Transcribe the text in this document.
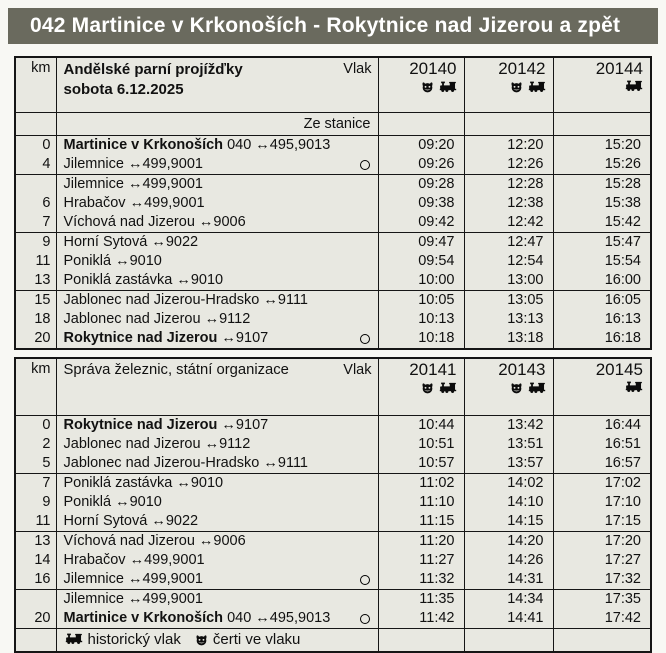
042 Martinice v Krkonoších - Rokytnice nad Jizerou a zpět
km	Andělské parní projížďky
sobota 6.12.2025
Vlak	20140	20142	20144

	Ze stanice			
0	Martinice v Krkonoších 040 ↔495,9013	09:20	12:20	15:20
4	Jilemnice ↔499,9001	09:26	12:26	15:26
	Jilemnice ↔499,9001	09:28	12:28	15:28
6	Hrabačov ↔499,9001	09:38	12:38	15:38
7	Víchová nad Jizerou ↔9006	09:42	12:42	15:42
9	Horní Sytová ↔9022	09:47	12:47	15:47
11	Poniklá ↔9010	09:54	12:54	15:54
13	Poniklá zastávka ↔9010	10:00	13:00	16:00
15	Jablonec nad Jizerou-Hradsko ↔9111	10:05	13:05	16:05
18	Jablonec nad Jizerou ↔9112	10:13	13:13	16:13
20	Rokytnice nad Jizerou ↔9107	10:18	13:18	16:18
km	Správa železnic, státní organizace Vlak	20141	20143	20145

	historický vlak čerti ve vlaku			
0	Rokytnice nad Jizerou ↔9107	10:44	13:42	16:44
2	Jablonec nad Jizerou ↔9112	10:51	13:51	16:51
5	Jablonec nad Jizerou-Hradsko ↔9111	10:57	13:57	16:57
7	Poniklá zastávka ↔9010	11:02	14:02	17:02
9	Poniklá ↔9010	11:10	14:10	17:10
11	Horní Sytová ↔9022	11:15	14:15	17:15
13	Víchová nad Jizerou ↔9006	11:20	14:20	17:20
14	Hrabačov ↔499,9001	11:27	14:26	17:27
16	Jilemnice ↔499,9001	11:32	14:31	17:32
	Jilemnice ↔499,9001	11:35	14:34	17:35
20	Martinice v Krkonoších 040 ↔495,9013	11:42	14:41	17:42
